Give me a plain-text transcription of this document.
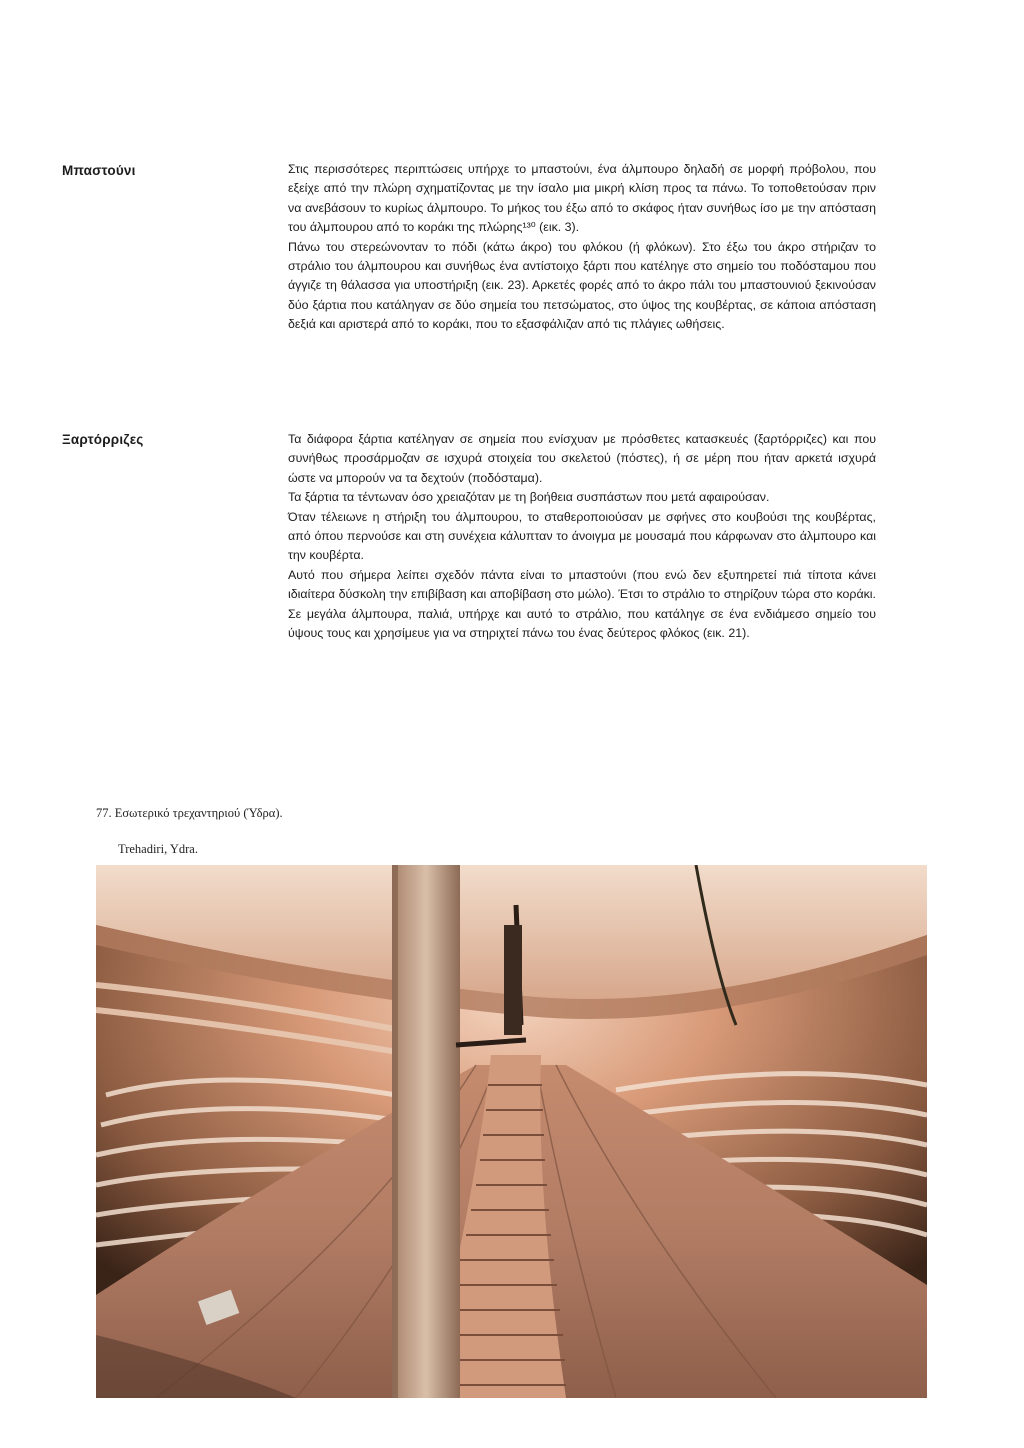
Μπαστούνι	Στις περισσότερες περιπτώσεις υπήρχε το μπαστούνι, ένα άλμπουρο δηλαδή σε μορφή πρόβολου, που εξείχε από την πλώρη σχηματίζοντας με την ίσαλο μια μικρή κλίση προς τα πάνω. Το τοποθετούσαν πριν να ανεβάσουν το κυρίως άλμπουρο. Το μήκος του έξω από το σκάφος ήταν συνήθως ίσο με την απόσταση του άλμπουρου από το κοράκι της πλώρης¹³⁰ (εικ. 3).

Πάνω του στερεώνονταν το πόδι (κάτω άκρο) του φλόκου (ή φλόκων). Στο έξω του άκρο στήριζαν το στράλιο του άλμπουρου και συνήθως ένα αντίστοιχο ξάρτι που κατέληγε στο σημείο του ποδόσταμου που άγγιζε τη θάλασσα για υποστήριξη (εικ. 23). Αρκετές φορές από το άκρο πάλι του μπαστουνιού ξεκινούσαν δύο ξάρτια που κατάληγαν σε δύο σημεία του πετσώματος, στο ύψος της κουβέρτας, σε κάποια απόσταση δεξιά και αριστερά από το κοράκι, που το εξασφάλιζαν από τις πλάγιες ωθήσεις.

Ξαρτόρριζες	Τα διάφορα ξάρτια κατέληγαν σε σημεία που ενίσχυαν με πρόσθετες κατασκευές (ξαρτόρριζες) και που συνήθως προσάρμοζαν σε ισχυρά στοιχεία του σκελετού (πόστες), ή σε μέρη που ήταν αρκετά ισχυρά ώστε να μπορούν να τα δεχτούν (ποδόσταμα).

Τα ξάρτια τα τέντωναν όσο χρειαζόταν με τη βοήθεια συσπάστων που μετά αφαιρούσαν.

Όταν τέλειωνε η στήριξη του άλμπουρου, το σταθεροποιούσαν με σφήνες στο κουβούσι της κουβέρτας, από όπου περνούσε και στη συνέχεια κάλυπταν το άνοιγμα με μουσαμά που κάρφωναν στο άλμπουρο και την κουβέρτα.

Αυτό που σήμερα λείπει σχεδόν πάντα είναι το μπαστούνι (που ενώ δεν εξυπηρετεί πιά τίποτα κάνει ιδιαίτερα δύσκολη την επιβίβαση και αποβίβαση στο μώλο). Έτσι το στράλιο το στηρίζουν τώρα στο κοράκι. Σε μεγάλα άλμπουρα, παλιά, υπήρχε και αυτό το στράλιο, που κατάληγε σε ένα ενδιάμεσο σημείο του ύψους τους και χρησίμευε για να στηριχτεί πάνω του ένας δεύτερος φλόκος (εικ. 21).

77. Εσωτερικό τρεχαντηριού (Ύδρα).
Trehadiri, Ydra.
